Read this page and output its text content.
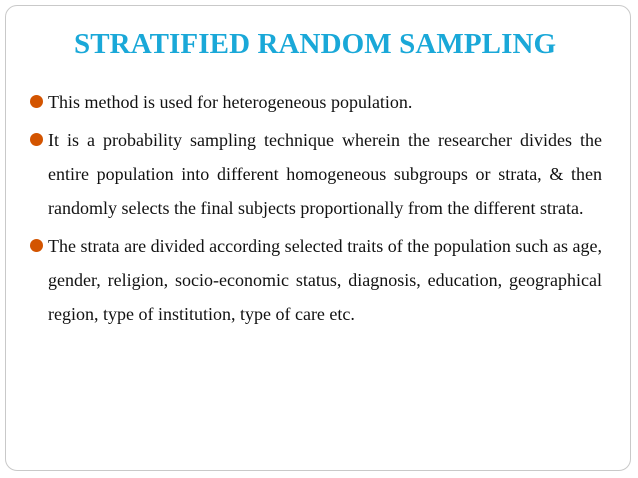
STRATIFIED RANDOM SAMPLING
This method is used for heterogeneous population.
It is a probability sampling technique wherein the researcher divides the entire population into different homogeneous subgroups or strata, & then randomly selects the final subjects proportionally from the different strata.
The strata are divided according selected traits of the population such as age, gender, religion, socio-economic status, diagnosis, education, geographical region, type of institution, type of care etc.
